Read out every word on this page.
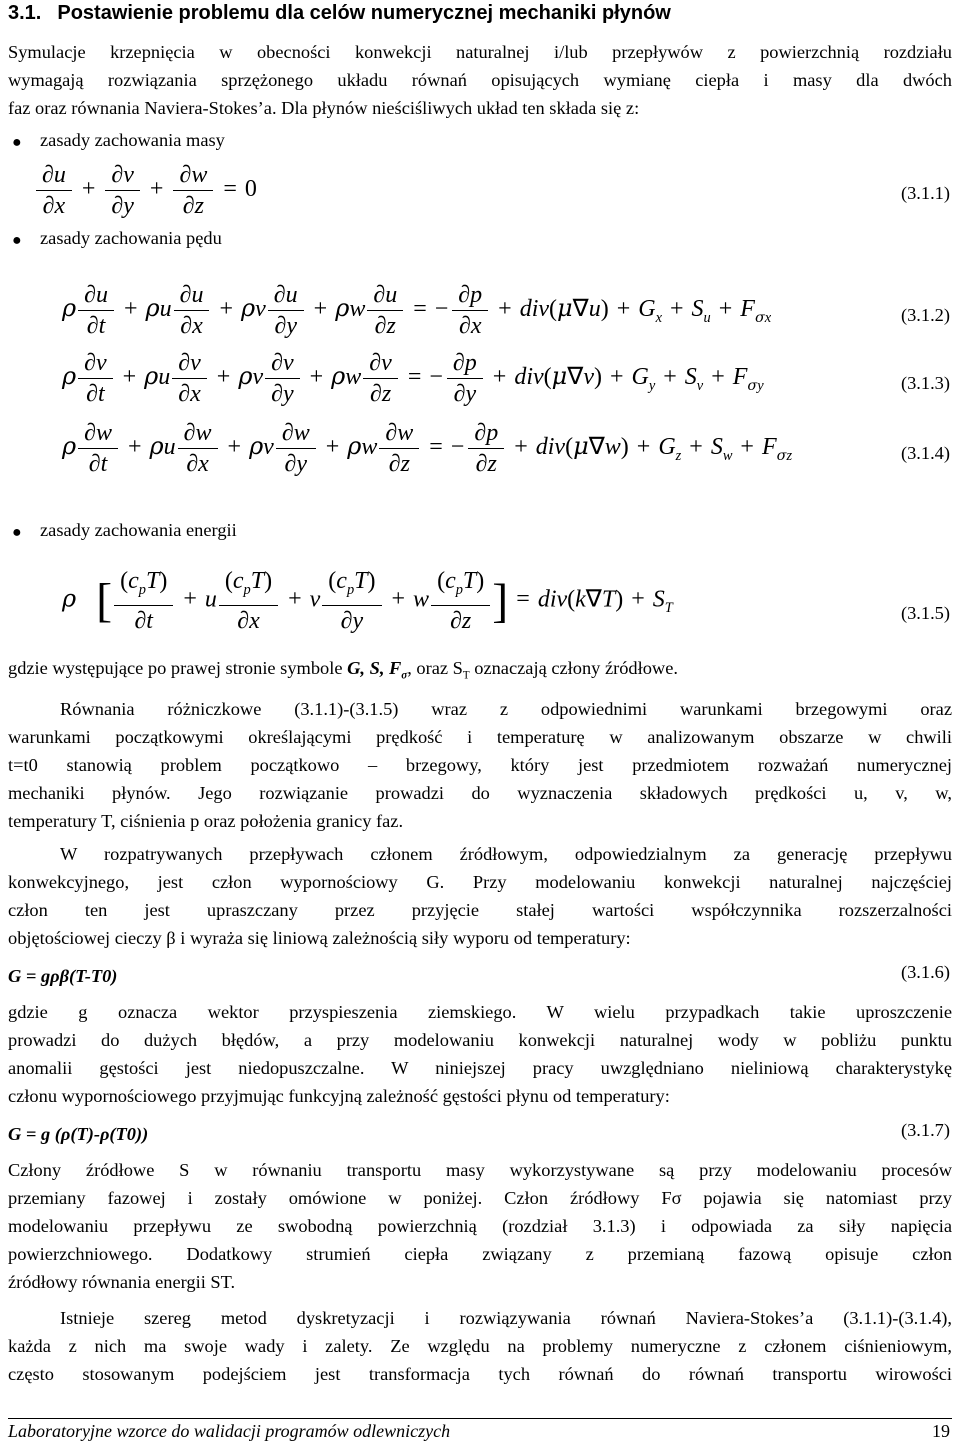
3.1. Postawienie problemu dla celów numerycznej mechaniki płynów
Symulacje krzepnięcia w obecności konwekcji naturalnej i/lub przepływów z powierzchnią rozdziału
wymagają rozwiązania sprzężonego układu równań opisujących wymianę ciepła i masy dla dwóch
faz oraz równania Naviera-Stokes’a. Dla płynów nieściśliwych układ ten składa się z:
● zasady zachowania masy
$\frac{\partial u}{\partial x} + \frac{\partial v}{\partial y} + \frac{\partial w}{\partial z} = 0$	(3.1.1)
● zasady zachowania pędu
ρ $\frac{\partial u}{\partial t} + \rho u \frac{\partial u}{\partial x} + \rho v \frac{\partial u}{\partial y} + \rho w \frac{\partial u}{\partial z}$ = − $\frac{\partial p}{\partial x} + div(\mu\nabla u) + G_x + S_u + F_{\sigma x}$	(3.1.2)
ρ $\frac{\partial v}{\partial t} + \rho u \frac{\partial v}{\partial x} + \rho v \frac{\partial v}{\partial y} + \rho w \frac{\partial v}{\partial z}$ = − $\frac{\partial p}{\partial y} + div(\mu\nabla v) + G_y + S_v + F_{\sigma y}$	(3.1.3)
ρ $\frac{\partial w}{\partial t} + \rho u \frac{\partial w}{\partial x} + \rho v \frac{\partial w}{\partial y} + \rho w \frac{\partial w}{\partial z}$ = − $\frac{\partial p}{\partial z} + div(\mu\nabla w) + G_z + S_w + F_{\sigma z}$	(3.1.4)
● zasady zachowania energii
ρ [ $\frac{(c_pT)}{\partial t} + u \frac{(c_pT)}{\partial x} + v \frac{(c_pT)}{\partial y} + w \frac{(c_pT)}{\partial z}$ ] = $div(k\nabla T) + S_T$	(3.1.5)
gdzie występujące po prawej stronie symbole G, S, $F_\sigma$, oraz $S_T$ oznaczają człony źródłowe.
Równania różniczkowe (3.1.1)-(3.1.5) wraz z odpowiednimi warunkami brzegowymi oraz
warunkami początkowymi określającymi prędkość i temperaturę w analizowanym obszarze w chwili
t=t0 stanowią problem początkowo – brzegowy, który jest przedmiotem rozważań numerycznej
mechaniki płynów. Jego rozwiązanie prowadzi do wyznaczenia składowych prędkości u, v, w,
temperatury T, ciśnienia p oraz położenia granicy faz.
W rozpatrywanych przepływach członem źródłowym, odpowiedzialnym za generację przepływu
konwekcyjnego, jest człon wyporności​owy G. Przy modelowaniu konwekcji naturalnej najczęściej
człon ten jest upraszczany przez przyjęcie stałej wartości współczynnika rozszerzalności
objętościowej cieczy β i wyraża się liniową zależnością siły wyporu od temperatury:
G = gρβ(T-T0)	(3.1.6)
gdzie g oznacza wektor przyspieszenia ziemskiego. W wielu przypadkach takie uproszczenie
prowadzi do dużych błędów, a przy modelowaniu konwekcji naturalnej wody w pobliżu punktu
anomalii gęstości jest niedopuszczalne. W niniejszej pracy uwzględniano nieliniową charakterystykę
członu wyporności​owego przyjmując funkcyjną zależność gęstości płynu od temperatury:
G = g (ρ(T)-ρ(T0))	(3.1.7)
Człony źródłowe S w równaniu transportu masy wykorzystywane są przy modelowaniu procesów
przemiany fazowej i zostały omówione w poniżej. Człon źródłowy Fσ pojawia się natomiast przy
modelowaniu przepływu ze swobodną powierzchnią (rozdział 3.1.3) i odpowiada za siły napięcia
powierzchniowego. Dodatkowy strumień ciepła związany z przemianą fazową opisuje człon
źródłowy równania energii ST.
Istnieje szereg metod dyskretyzacji i rozwiązywania równań Naviera-Stokes’a (3.1.1)-(3.1.4),
każda z nich ma swoje wady i zalety. Ze względu na problemy numeryczne z członem ciśnieniowym,
często stosowanym podejściem jest transformacja tych równań do równań transportu wirowości
Laboratoryjne wzorce do walidacji programów odlewniczych	19
